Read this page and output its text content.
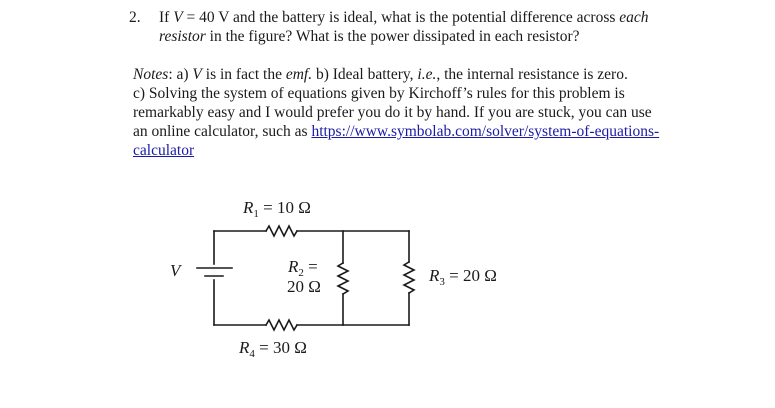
2. If V = 40 V and the battery is ideal, what is the potential difference across each
resistor in the figure? What is the power dissipated in each resistor?

Notes: a) V is in fact the emf. b) Ideal battery, i.e., the internal resistance is zero.

c) Solving the system of equations given by Kirchoff’s rules for this problem is

remarkably easy and I would prefer you do it by hand. If you are stuck, you can use

an online calculator, such as https://www.symbolab.com/solver/system-of-equations-

calculator

$R_1 = 10$ Ω
$R_2$ =
20 Ω
$R_3 = 20$ Ω
$R_4 = 30$ Ω
V
